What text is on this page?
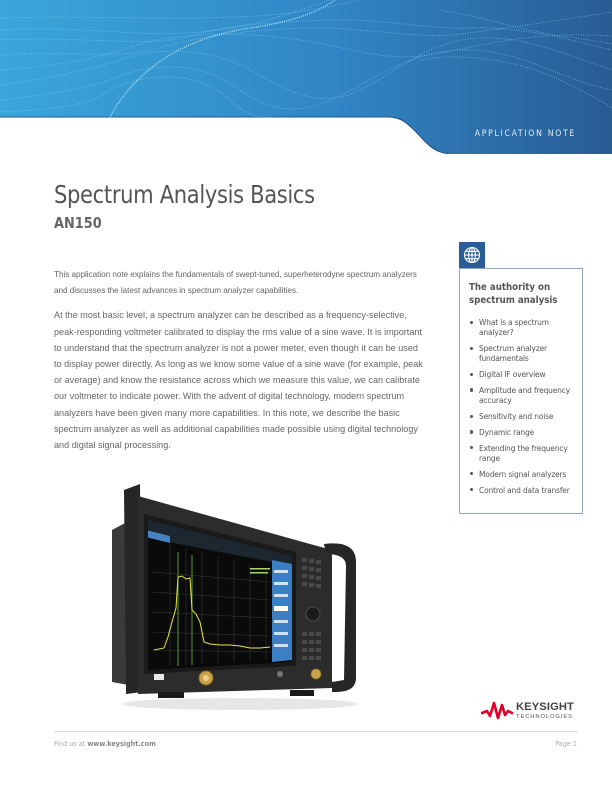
APPLICATION NOTE
Spectrum Analysis Basics
AN150

This application note explains the fundamentals of swept-tuned, superheterodyne spectrum analyzers and discusses the latest advances in spectrum analyzer capabilities.

At the most basic level, a spectrum analyzer can be described as a frequency-selective, peak-responding voltmeter calibrated to display the rms value of a sine wave. It is important to understand that the spectrum analyzer is not a power meter, even though it can be used to display power directly. As long as we know some value of a sine wave (for example, peak or average) and know the resistance across which we measure this value, we can calibrate our voltmeter to indicate power. With the advent of digital technology, modern spectrum analyzers have been given many more capabilities. In this note, we describe the basic spectrum analyzer as well as additional capabilities made possible using digital technology and digital signal processing.

The authority on spectrum analysis
What is a spectrum analyzer?
Spectrum analyzer fundamentals
Digital IF overview
Amplitude and frequency accuracy
Sensitivity and noise
Dynamic range
Extending the frequency range
Modern signal analyzers
Control and data transfer
KEYSIGHT
TECHNOLOGIES
Find us at www.keysight.com	Page 1
